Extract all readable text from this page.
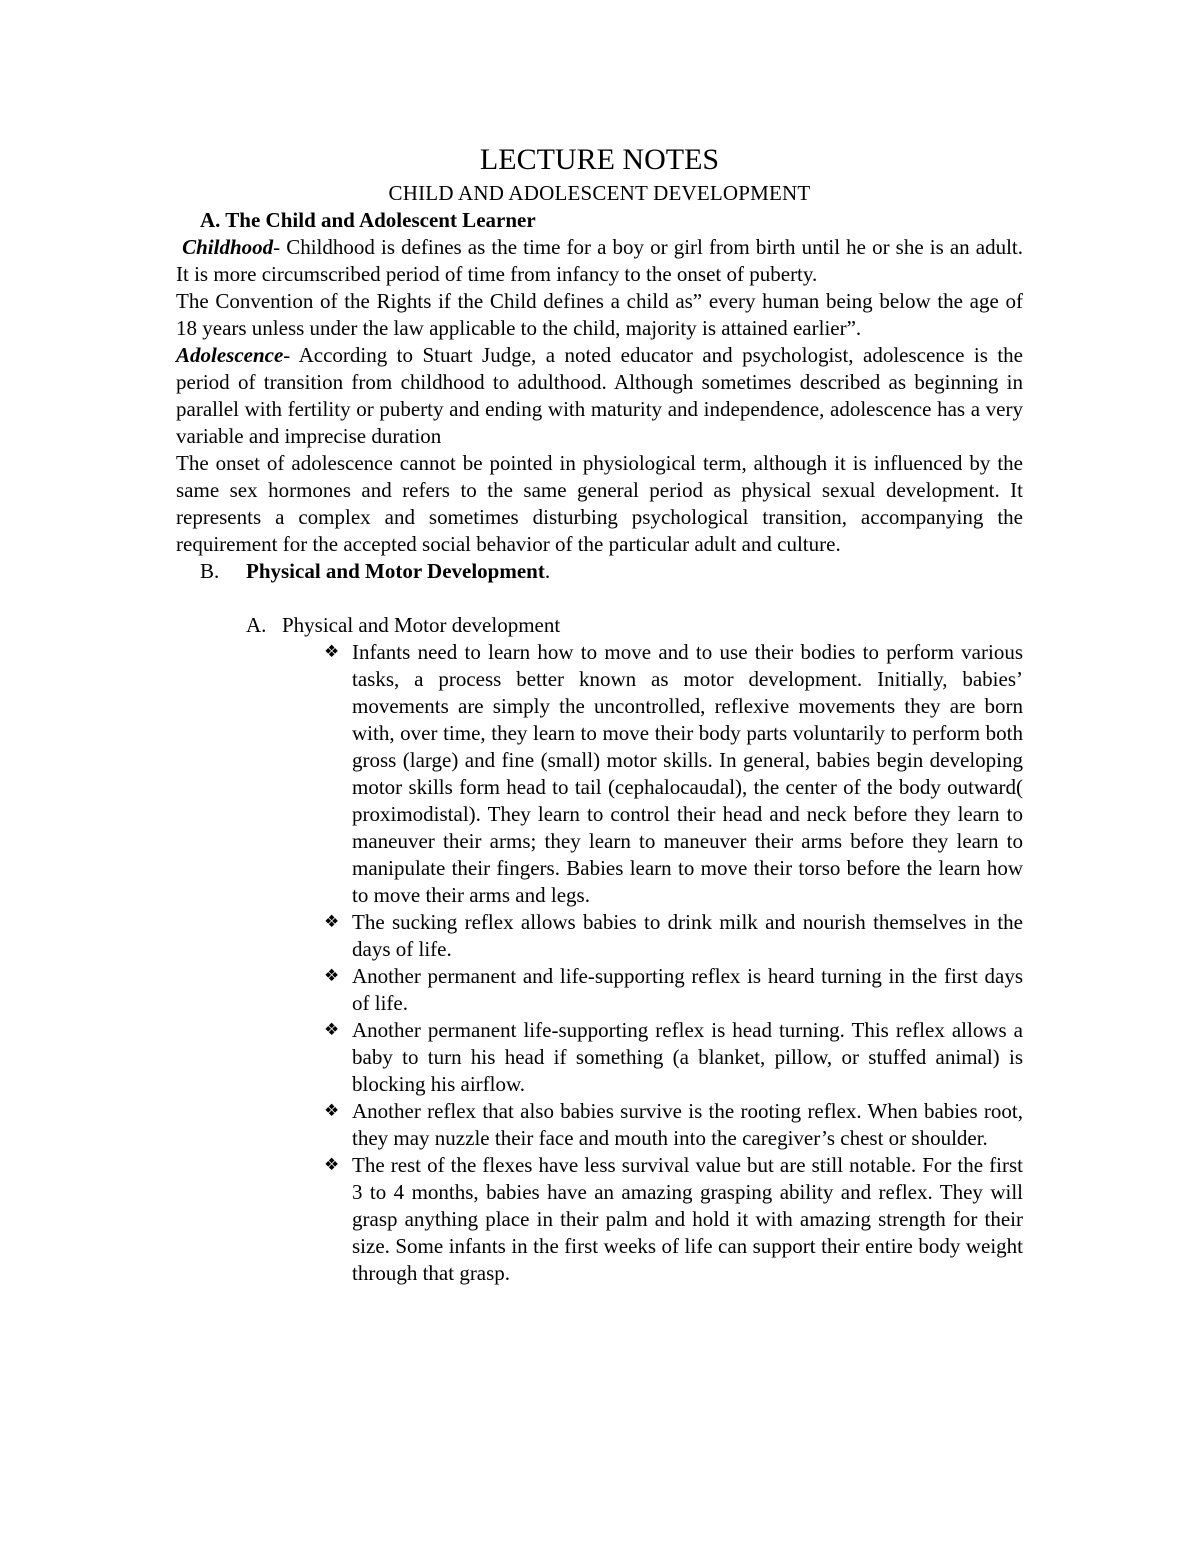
LECTURE NOTES
CHILD AND ADOLESCENT DEVELOPMENT

A. The Child and Adolescent Learner

Childhood- Childhood is defines as the time for a boy or girl from birth until he or she is an adult. It is more circumscribed period of time from infancy to the onset of puberty.

The Convention of the Rights if the Child defines a child as” every human being below the age of 18 years unless under the law applicable to the child, majority is attained earlier”.

Adolescence- According to Stuart Judge, a noted educator and psychologist, adolescence is the period of transition from childhood to adulthood. Although sometimes described as beginning in parallel with fertility or puberty and ending with maturity and independence, adolescence has a very variable and imprecise duration

The onset of adolescence cannot be pointed in physiological term, although it is influenced by the same sex hormones and refers to the same general period as physical sexual development. It represents a complex and sometimes disturbing psychological transition, accompanying the requirement for the accepted social behavior of the particular adult and culture.

B. Physical and Motor Development.

A. Physical and Motor development

❖ Infants need to learn how to move and to use their bodies to perform various tasks, a process better known as motor development. Initially, babies’ movements are simply the uncontrolled, reflexive movements they are born with, over time, they learn to move their body parts voluntarily to perform both gross (large) and fine (small) motor skills. In general, babies begin developing motor skills form head to tail (cephalocaudal), the center of the body outward( proximodistal). They learn to control their head and neck before they learn to maneuver their arms; they learn to maneuver their arms before they learn to manipulate their fingers. Babies learn to move their torso before the learn how to move their arms and legs.
❖ The sucking reflex allows babies to drink milk and nourish themselves in the days of life.
❖ Another permanent and life-supporting reflex is heard turning in the first days of life.
❖ Another permanent life-supporting reflex is head turning. This reflex allows a baby to turn his head if something (a blanket, pillow, or stuffed animal) is blocking his airflow.
❖ Another reflex that also babies survive is the rooting reflex. When babies root, they may nuzzle their face and mouth into the caregiver’s chest or shoulder.
❖ The rest of the flexes have less survival value but are still notable. For the first 3 to 4 months, babies have an amazing grasping ability and reflex. They will grasp anything place in their palm and hold it with amazing strength for their size. Some infants in the first weeks of life can support their entire body weight through that grasp.
